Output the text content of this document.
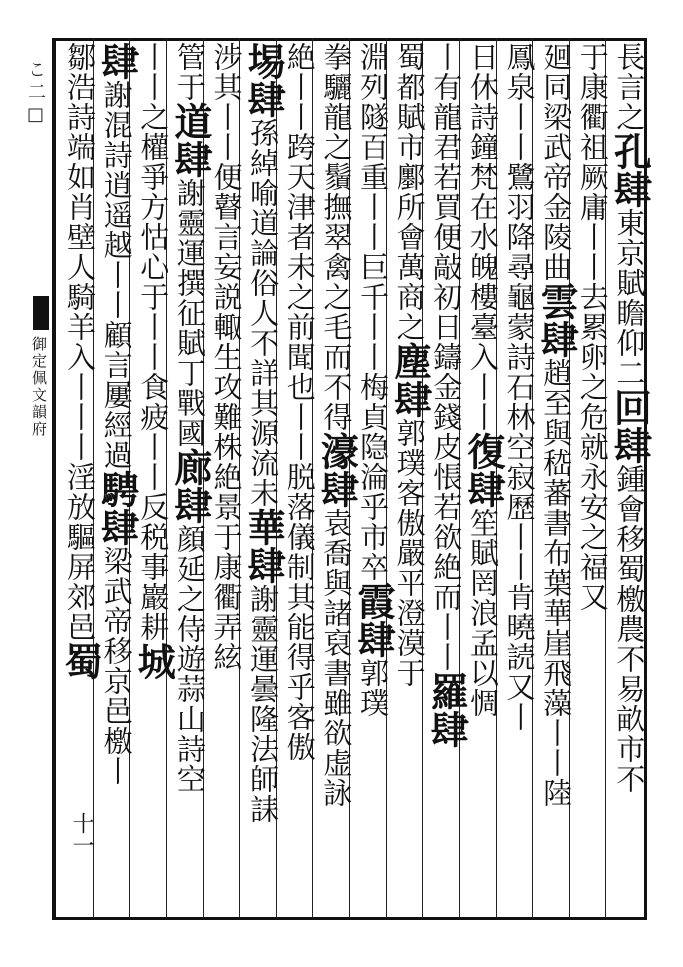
こ二□
御定佩文韻府
長言之孔肆東京賦瞻仰二回肆鍾會移蜀檄農不易畝市不
于康衢祖厥庸丨丨去累卵之危就永安之福又
廻同梁武帝金陵曲雲肆趙至與嵇蕃書布葉華崖飛藻丨丨陸
鳳泉丨丨鷺羽降尋龜蒙詩石林空寂歷丨丨肯曉読又丨
日休詩鐘梵在水魄樓臺入丨丨復肆笙賦罔浪孟以惆
丨有龍君若買便敲初日鑄金錢皮悵若欲絶而丨丨羅肆
蜀都賦市鄽所會萬商之塵肆郭璞客傲嚴平澄漠于
淵列隧百重丨丨巨千丨丨梅貞隐淪乎市卒霞肆郭璞
拳驪龍之鬚撫翠禽之毛而不得濠肆袁喬與諸裒書雖欲虚詠
絶丨丨跨天津者未之前聞也丨丨脱落儀制其能得乎客傲
埸肆孫綽喻道論俗人不詳其源流未華肆謝靈運曇隆法師誄
涉其丨丨便瞽言妄説輙生攻難株絶景于康衢弄絃
管于道肆謝靈運撰征賦丁戰國廊肆顔延之侍遊蒜山詩空
丨丨之權爭方怙心于丨丨食疲丨丨反税事巖耕城
肆謝混詩逍遥越丨丨顧言屢經過騁肆梁武帝移京邑檄丨
鄒浩詩端如肖壁人騎羊入丨丨丨淫放驅屏郊邑蜀
十一
